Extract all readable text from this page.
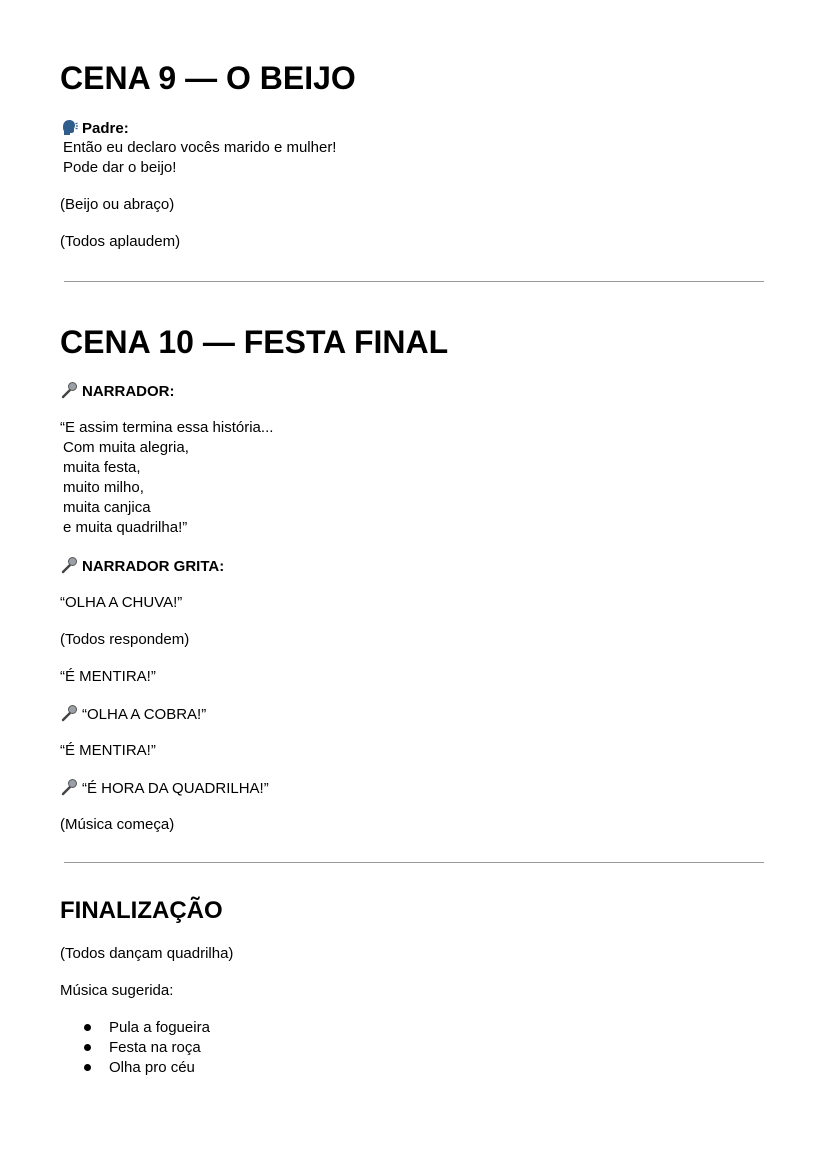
CENA 9 — O BEIJO
Padre:
Então eu declaro vocês marido e mulher!
Pode dar o beijo!
(Beijo ou abraço)
(Todos aplaudem)
CENA 10 — FESTA FINAL
NARRADOR:
“E assim termina essa história...
Com muita alegria,
muita festa,
muito milho,
muita canjica
e muita quadrilha!”
NARRADOR GRITA:
“OLHA A CHUVA!”
(Todos respondem)
“É MENTIRA!”
“OLHA A COBRA!”
“É MENTIRA!”
“É HORA DA QUADRILHA!”
(Música começa)
FINALIZAÇÃO
(Todos dançam quadrilha)
Música sugerida:
Pula a fogueira
Festa na roça
Olha pro céu
